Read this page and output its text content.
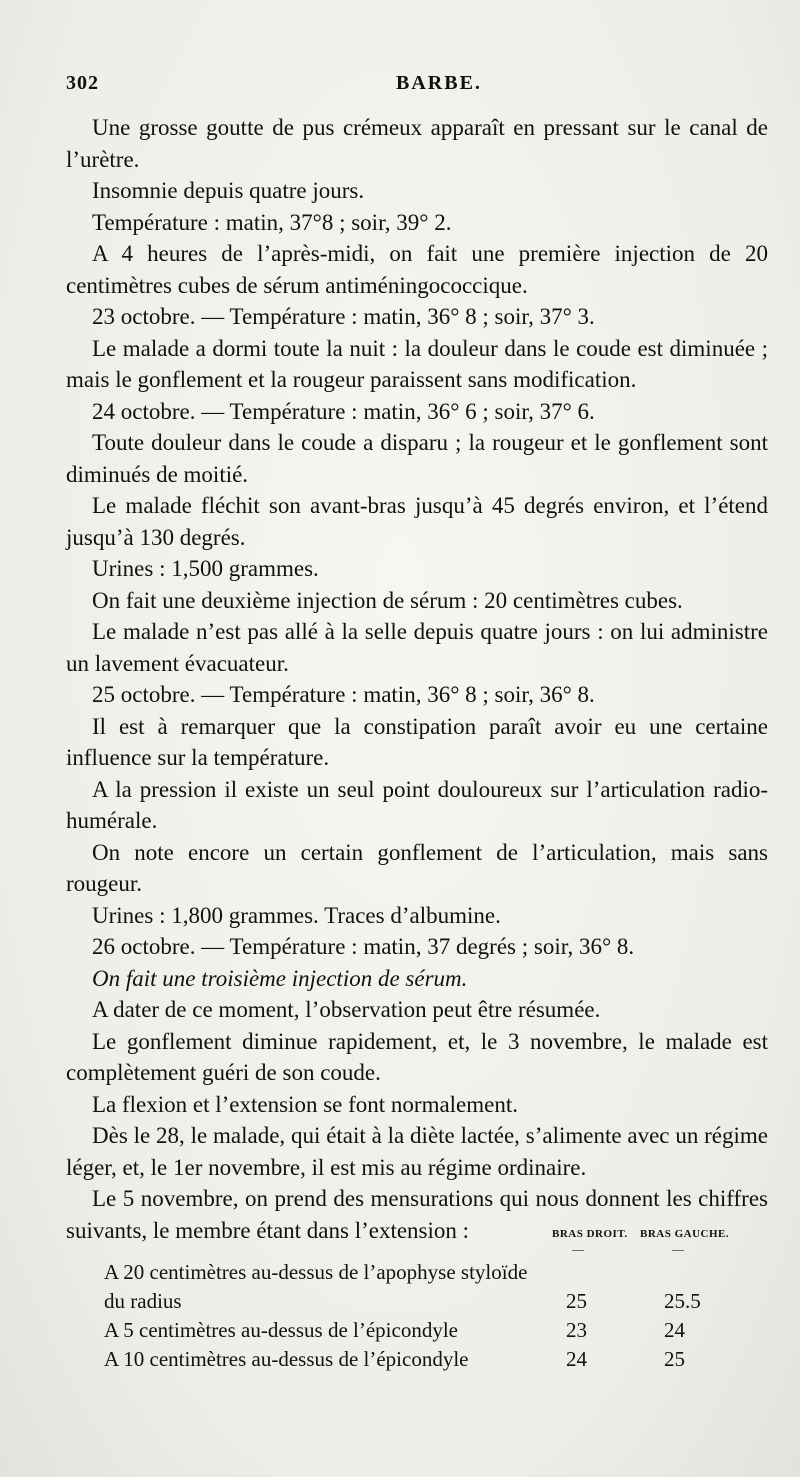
302	BARBE.

Une grosse goutte de pus crémeux apparaît en pressant sur le canal de l’urètre.

Insomnie depuis quatre jours.

Température : matin, 37°8 ; soir, 39° 2.

A 4 heures de l’après-midi, on fait une première injection de 20 centimètres cubes de sérum antiméningococcique.

23 octobre. — Température : matin, 36° 8 ; soir, 37° 3.

Le malade a dormi toute la nuit : la douleur dans le coude est diminuée ; mais le gonflement et la rougeur paraissent sans modification.

24 octobre. — Température : matin, 36° 6 ; soir, 37° 6.

Toute douleur dans le coude a disparu ; la rougeur et le gonflement sont diminués de moitié.

Le malade fléchit son avant-bras jusqu’à 45 degrés environ, et l’étend jusqu’à 130 degrés.

Urines : 1,500 grammes.

On fait une deuxième injection de sérum : 20 centimètres cubes.

Le malade n’est pas allé à la selle depuis quatre jours : on lui administre un lavement évacuateur.

25 octobre. — Température : matin, 36° 8 ; soir, 36° 8.

Il est à remarquer que la constipation paraît avoir eu une certaine influence sur la température.

A la pression il existe un seul point douloureux sur l’articulation radio-humérale.

On note encore un certain gonflement de l’articulation, mais sans rougeur.

Urines : 1,800 grammes. Traces d’albumine.

26 octobre. — Température : matin, 37 degrés ; soir, 36° 8.

On fait une troisième injection de sérum.

A dater de ce moment, l’observation peut être résumée.

Le gonflement diminue rapidement, et, le 3 novembre, le malade est complètement guéri de son coude.

La flexion et l’extension se font normalement.

Dès le 28, le malade, qui était à la diète lactée, s’alimente avec un régime léger, et, le 1er novembre, il est mis au régime ordinaire.

Le 5 novembre, on prend des mensurations qui nous donnent les chiffres suivants, le membre étant dans l’extension :	BRAS DROIT. BRAS GAUCHE.
—	—
A 20 centimètres au-dessus de l’apophyse styloïde du radius	25	25.5
A 5 centimètres au-dessus de l’épicondyle	23	24
A 10 centimètres au-dessus de l’épicondyle	24	25
